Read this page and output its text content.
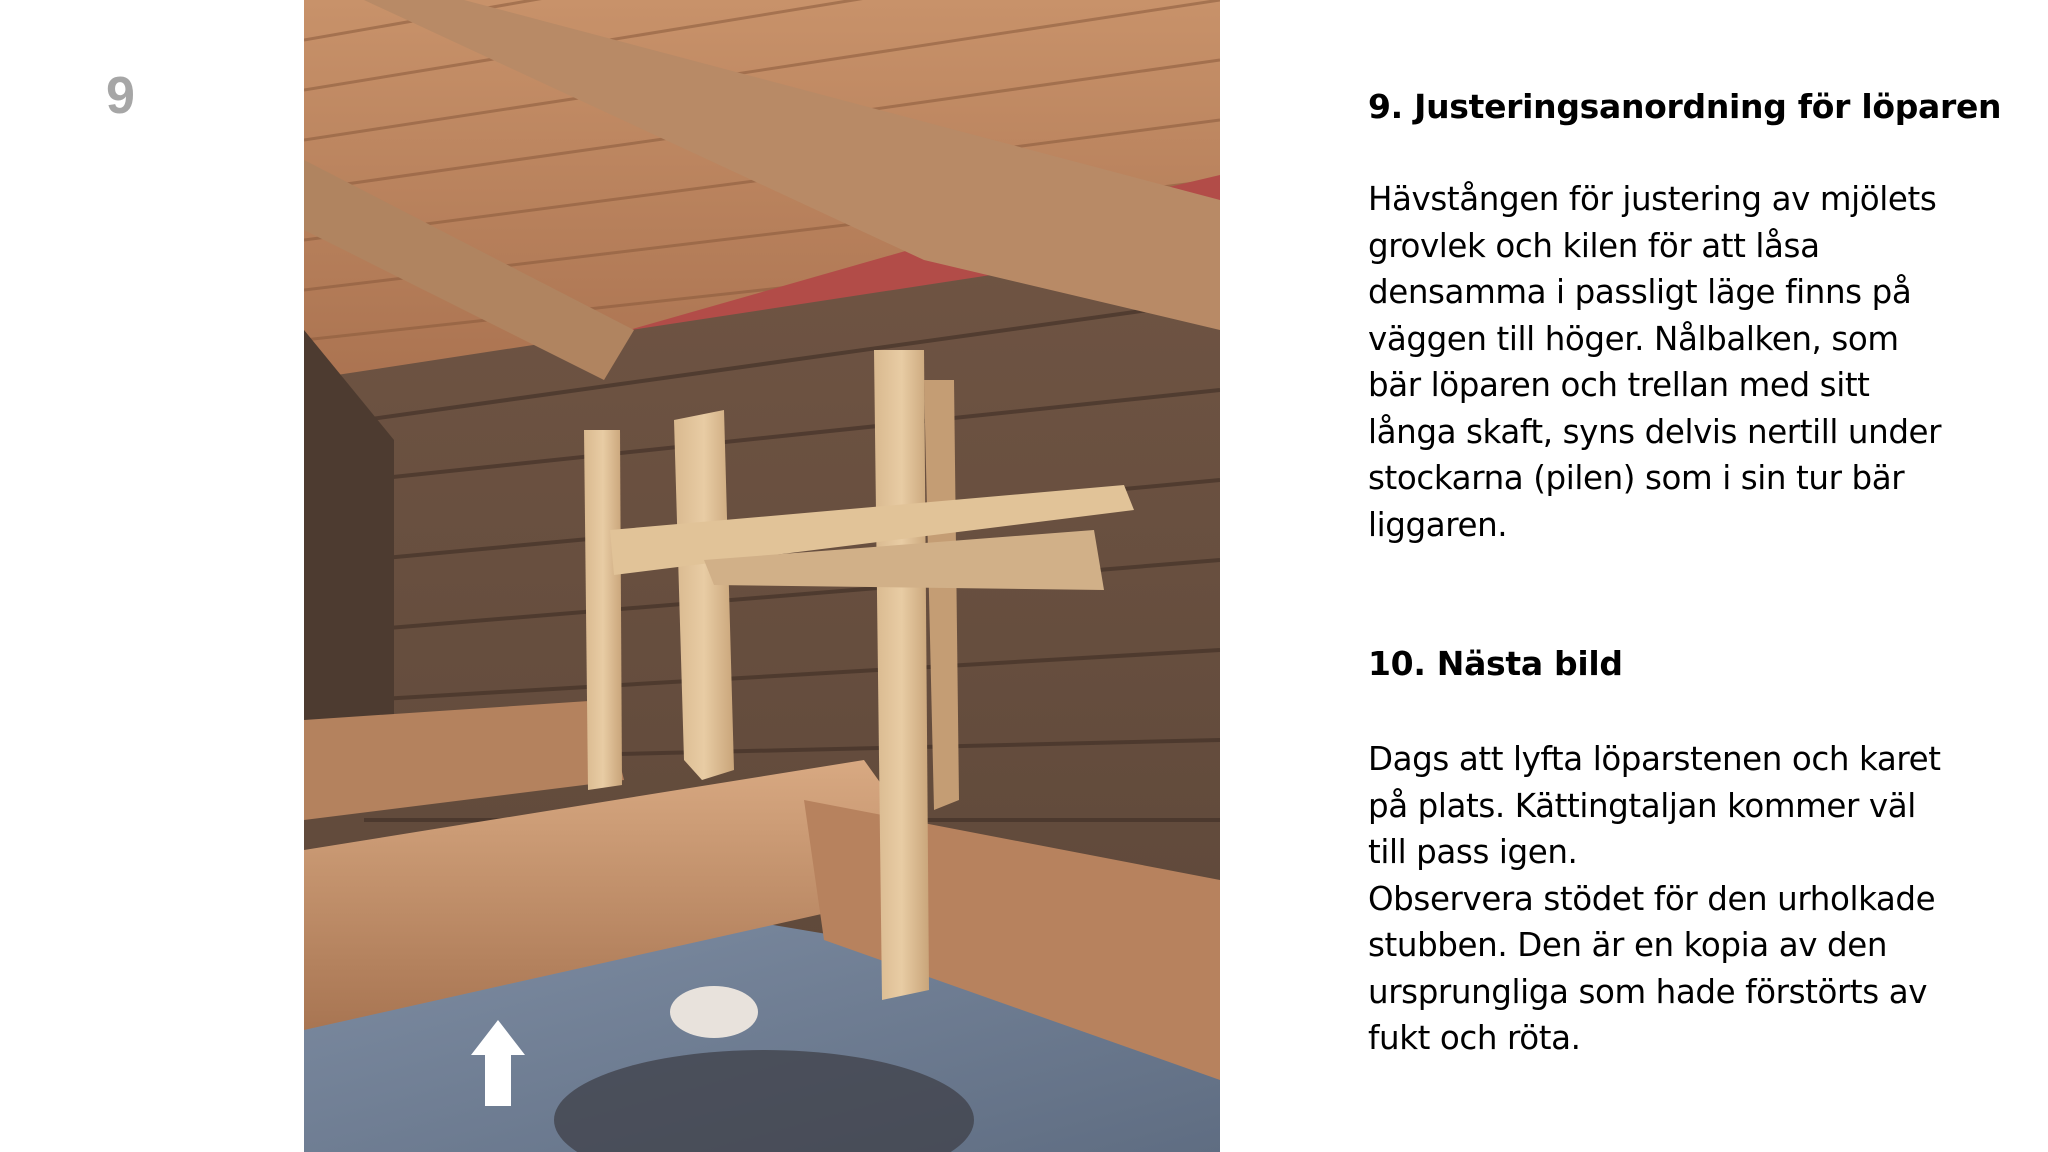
9	9. Justeringsanordning för löparen

Hävstången för justering av mjölets
grovlek och kilen för att låsa
densamma i passligt läge finns på
väggen till höger. Nålbalken, som
bär löparen och trellan med sitt
långa skaft, syns delvis nertill under
stockarna (pilen) som i sin tur bär
liggaren.

10. Nästa bild

Dags att lyfta löparstenen och karet
på plats. Kättingtaljan kommer väl
till pass igen.
Observera stödet för den urholkade
stubben. Den är en kopia av den
ursprungliga som hade förstörts av
fukt och röta.
